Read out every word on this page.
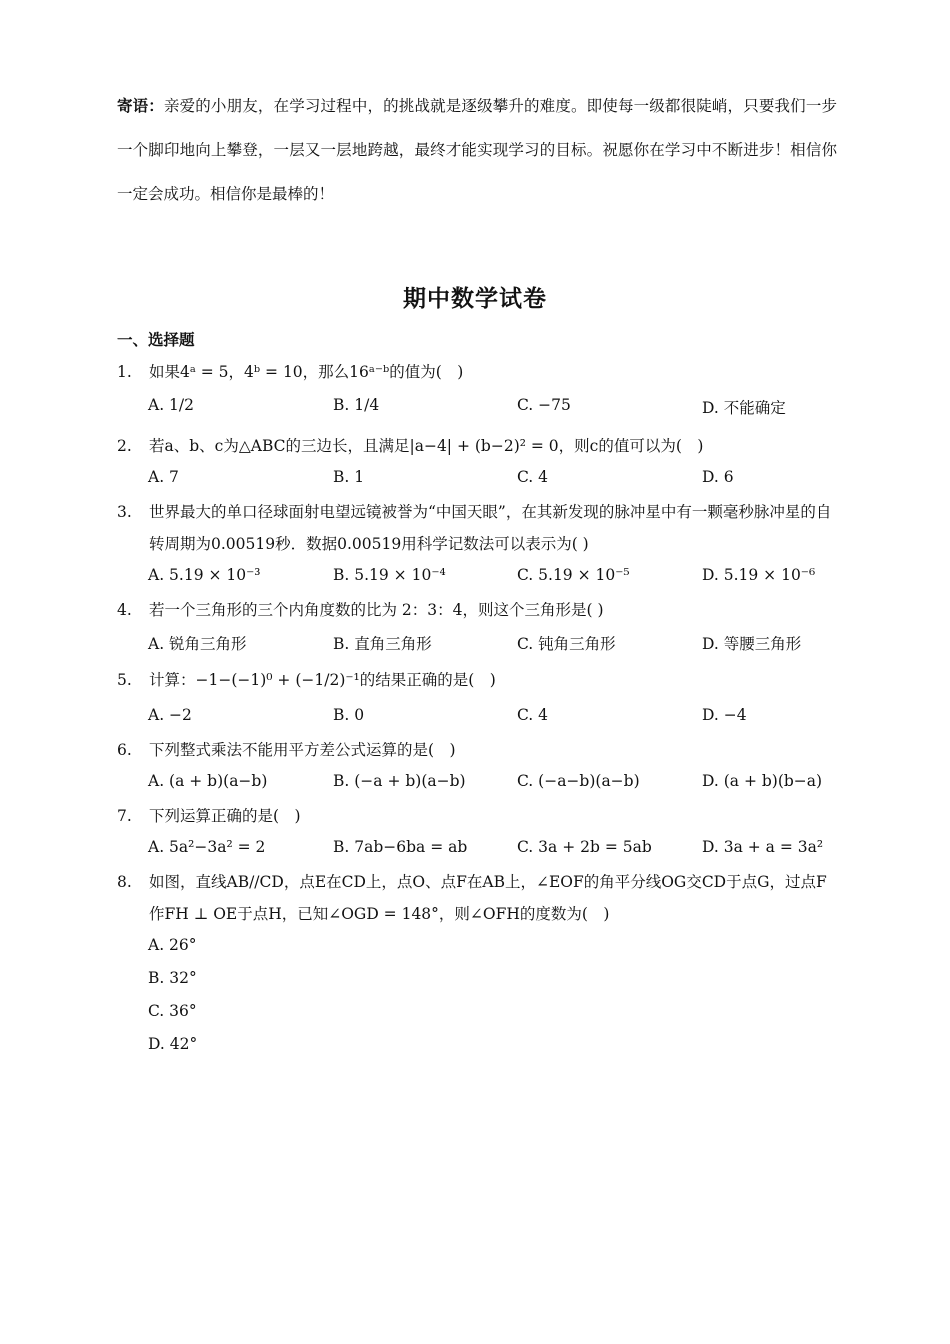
寄语：亲爱的小朋友，在学习过程中，的挑战就是逐级攀升的难度。即使每一级都很陡峭，只要我们一步一个脚印地向上攀登，一层又一层地跨越，最终才能实现学习的目标。祝愿你在学习中不断进步！相信你一定会成功。相信你是最棒的！
期中数学试卷
一、选择题
1. 如果4ᵃ = 5，4ᵇ = 10，那么16ᵃ⁻ᵇ的值为(　)
A. 1/2	B. 1/4	C. −75	D. 不能确定
2. 若a、b、c为△ABC的三边长，且满足|a−4| + (b−2)² = 0，则c的值可以为(　)
A. 7	B. 1	C. 4	D. 6
3. 世界最大的单口径球面射电望远镜被誉为“中国天眼”，在其新发现的脉冲星中有一颗毫秒脉冲星的自转周期为0.00519秒．数据0.00519用科学记数法可以表示为( )
A. 5.19 × 10⁻³	B. 5.19 × 10⁻⁴	C. 5.19 × 10⁻⁵	D. 5.19 × 10⁻⁶
4. 若一个三角形的三个内角度数的比为 2：3：4，则这个三角形是( )
A. 锐角三角形	B. 直角三角形	C. 钝角三角形	D. 等腰三角形
5. 计算：−1−(−1)⁰ + (−1/2)⁻¹的结果正确的是(　)
A. −2	B. 0	C. 4	D. −4
6. 下列整式乘法不能用平方差公式运算的是(　)
A. (a + b)(a−b)	B. (−a + b)(a−b)	C. (−a−b)(a−b)	D. (a + b)(b−a)
7. 下列运算正确的是(　)
A. 5a²−3a² = 2	B. 7ab−6ba = ab	C. 3a + 2b = 5ab	D. 3a + a = 3a²
8. 如图，直线AB//CD，点E在CD上，点O、点F在AB上，∠EOF的角平分线OG交CD于点G，过点F作FH ⊥ OE于点H，已知∠OGD = 148°，则∠OFH的度数为(　)
A. 26°
B. 32°
C. 36°
D. 42°
